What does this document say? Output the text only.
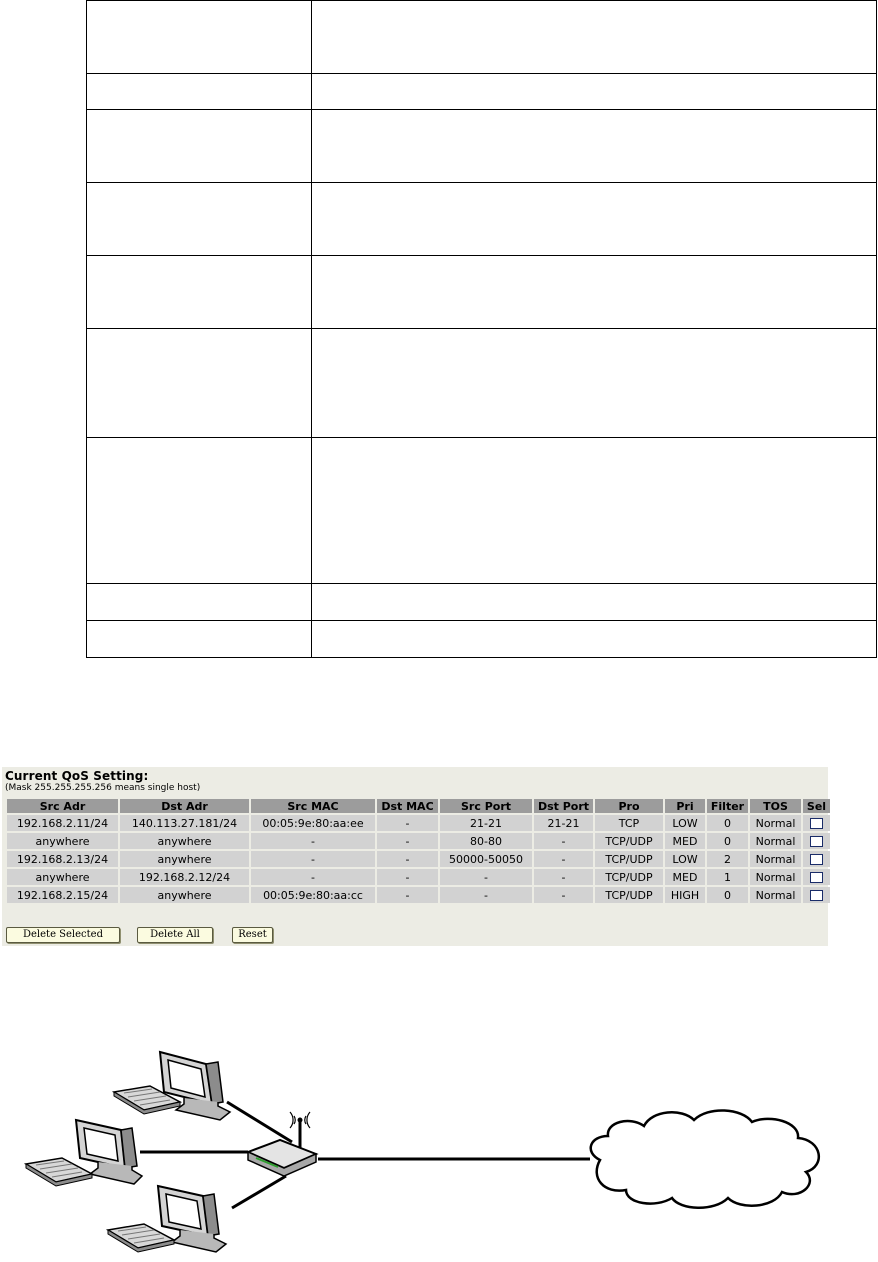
Current QoS Setting:
(Mask 255.255.255.256 means single host)
Src Adr	Dst Adr	Src MAC	Dst MAC	Src Port	Dst Port	Pro	Pri	Filter	TOS	Sel
192.168.2.11/24	140.113.27.181/24	00:05:9e:80:aa:ee	-	21-21	21-21	TCP	LOW	0	Normal	
anywhere	anywhere	-	-	80-80	-	TCP/UDP	MED	0	Normal	
192.168.2.13/24	anywhere	-	-	50000-50050	-	TCP/UDP	LOW	2	Normal	
anywhere	192.168.2.12/24	-	-	-	-	TCP/UDP	MED	1	Normal	
192.168.2.15/24	anywhere	00:05:9e:80:aa:cc	-	-	-	TCP/UDP	HIGH	0	Normal	
Delete Selected	Delete All	Reset
